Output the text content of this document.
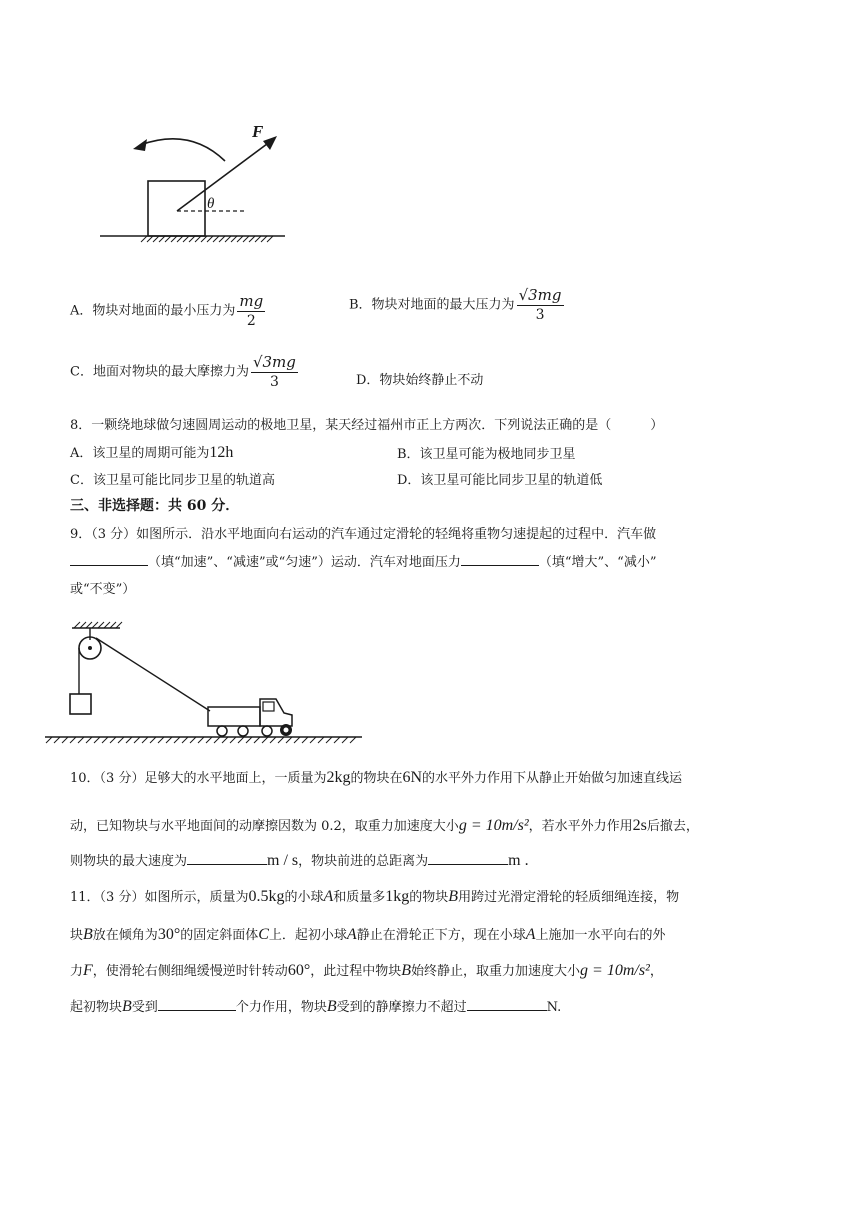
F
θ
A．物块对地面的最小压力为 $\frac{mg}{2}$	B．物块对地面的最大压力为 $\frac{√3mg}{3}$
C．地面对物块的最大摩擦力为 $\frac{√3mg}{3}$	D．物块始终静止不动
8．一颗绕地球做匀速圆周运动的极地卫星，某天经过福州市正上方两次．下列说法正确的是（　　　）
A．该卫星的周期可能为12h	B．该卫星可能为极地同步卫星
C．该卫星可能比同步卫星的轨道高	D．该卫星可能比同步卫星的轨道低
三、非选择题：共 60 分．
9．（3 分）如图所示．沿水平地面向右运动的汽车通过定滑轮的轻绳将重物匀速提起的过程中．汽车做
（填“加速”、“减速”或“匀速”）运动．汽车对地面压力	（填“增大”、“减小”
或“不变”）
10．（3 分）足够大的水平地面上，一质量为2kg的物块在6N的水平外力作用下从静止开始做匀加速直线运
动，已知物块与水平地面间的动摩擦因数为 0.2，取重力加速度大小g = 10m/s²，若水平外力作用2s后撤去，
则物块的最大速度为	m / s，物块前进的总距离为	m .
11．（3 分）如图所示，质量为0.5kg的小球A和质量多1kg的物块B用跨过光滑定滑轮的轻质细绳连接，物
块B放在倾角为30°的固定斜面体C上．起初小球A静止在滑轮正下方，现在小球A上施加一水平向右的外
力F，使滑轮右侧细绳缓慢逆时针转动60°，此过程中物块B始终静止，取重力加速度大小g = 10m/s²，
起初物块B受到	个力作用，物块B受到的静摩擦力不超过	N.
